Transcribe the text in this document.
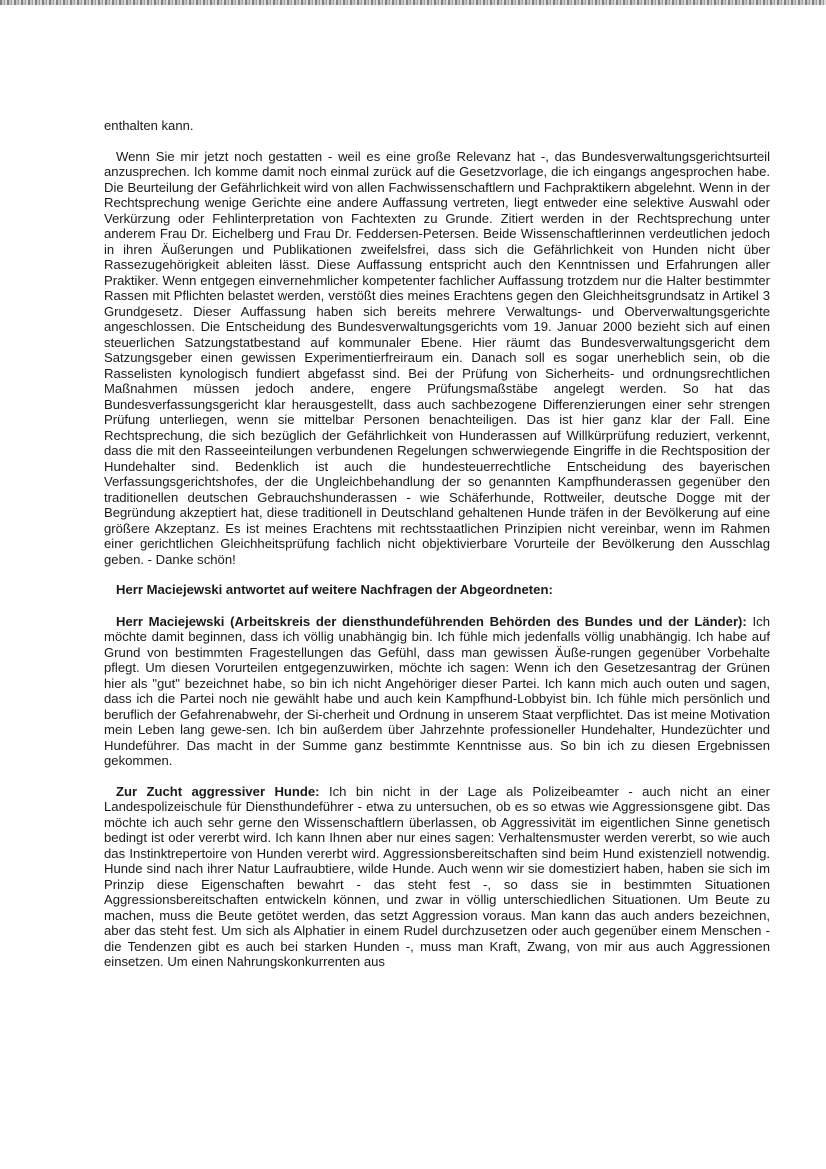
enthalten kann.

Wenn Sie mir jetzt noch gestatten - weil es eine große Relevanz hat -, das Bundesverwaltungsgerichtsurteil anzusprechen. Ich komme damit noch einmal zurück auf die Gesetzvorlage, die ich eingangs angesprochen habe. Die Beurteilung der Gefährlichkeit wird von allen Fachwissenschaftlern und Fachpraktikern abgelehnt. Wenn in der Rechtsprechung wenige Gerichte eine andere Auffassung vertreten, liegt entweder eine selektive Auswahl oder Verkürzung oder Fehlinterpretation von Fachtexten zu Grunde. Zitiert werden in der Rechtsprechung unter anderem Frau Dr. Eichelberg und Frau Dr. Feddersen-Petersen. Beide Wissenschaftlerinnen verdeutlichen jedoch in ihren Äußerungen und Publikationen zweifelsfrei, dass sich die Gefährlichkeit von Hunden nicht über Rassezugehörigkeit ableiten lässt. Diese Auffassung entspricht auch den Kenntnissen und Erfahrungen aller Praktiker. Wenn entgegen einvernehmlicher kompetenter fachlicher Auffassung trotzdem nur die Halter bestimmter Rassen mit Pflichten belastet werden, verstößt dies meines Erachtens gegen den Gleichheitsgrundsatz in Artikel 3 Grundgesetz. Dieser Auffassung haben sich bereits mehrere Verwaltungs- und Oberverwaltungsgerichte angeschlossen. Die Entscheidung des Bundesverwaltungsgerichts vom 19. Januar 2000 bezieht sich auf einen steuerlichen Satzungstatbestand auf kommunaler Ebene. Hier räumt das Bundesverwaltungsgericht dem Satzungsgeber einen gewissen Experimentierfreiraum ein. Danach soll es sogar unerheblich sein, ob die Rasselisten kynologisch fundiert abgefasst sind. Bei der Prüfung von Sicherheits- und ordnungsrechtlichen Maßnahmen müssen jedoch andere, engere Prüfungsmaßstäbe angelegt werden. So hat das Bundesverfassungsgericht klar herausgestellt, dass auch sachbezogene Differenzierungen einer sehr strengen Prüfung unterliegen, wenn sie mittelbar Personen benachteiligen. Das ist hier ganz klar der Fall. Eine Rechtsprechung, die sich bezüglich der Gefährlichkeit von Hunderassen auf Willkürprüfung reduziert, verkennt, dass die mit den Rasseeinteilungen verbundenen Regelungen schwerwiegende Eingriffe in die Rechtsposition der Hundehalter sind. Bedenklich ist auch die hundesteuerrechtliche Entscheidung des bayerischen Verfassungsgerichtshofes, der die Ungleichbehandlung der so genannten Kampfhunderassen gegenüber den traditionellen deutschen Gebrauchshunderassen - wie Schäferhunde, Rottweiler, deutsche Dogge mit der Begründung akzeptiert hat, diese traditionell in Deutschland gehaltenen Hunde träfen in der Bevölkerung auf eine größere Akzeptanz. Es ist meines Erachtens mit rechtsstaatlichen Prinzipien nicht vereinbar, wenn im Rahmen einer gerichtlichen Gleichheitsprüfung fachlich nicht objektivierbare Vorurteile der Bevölkerung den Ausschlag geben. - Danke schön!

Herr Maciejewski antwortet auf weitere Nachfragen der Abgeordneten:

Herr Maciejewski (Arbeitskreis der diensthundeführenden Behörden des Bundes und der Länder): Ich möchte damit beginnen, dass ich völlig unabhängig bin. Ich fühle mich jedenfalls völlig unabhängig. Ich habe auf Grund von bestimmten Fragestellungen das Gefühl, dass man gewissen Äuße-rungen gegenüber Vorbehalte pflegt. Um diesen Vorurteilen entgegenzuwirken, möchte ich sagen: Wenn ich den Gesetzesantrag der Grünen hier als "gut" bezeichnet habe, so bin ich nicht Angehöriger dieser Partei. Ich kann mich auch outen und sagen, dass ich die Partei noch nie gewählt habe und auch kein Kampfhund-Lobbyist bin. Ich fühle mich persönlich und beruflich der Gefahrenabwehr, der Si-cherheit und Ordnung in unserem Staat verpflichtet. Das ist meine Motivation mein Leben lang gewe-sen. Ich bin außerdem über Jahrzehnte professioneller Hundehalter, Hundezüchter und Hundeführer. Das macht in der Summe ganz bestimmte Kenntnisse aus. So bin ich zu diesen Ergebnissen gekommen.

Zur Zucht aggressiver Hunde: Ich bin nicht in der Lage als Polizeibeamter - auch nicht an einer Landespolizeischule für Diensthundeführer - etwa zu untersuchen, ob es so etwas wie Aggressionsgene gibt. Das möchte ich auch sehr gerne den Wissenschaftlern überlassen, ob Aggressivität im eigentlichen Sinne genetisch bedingt ist oder vererbt wird. Ich kann Ihnen aber nur eines sagen: Verhaltensmuster werden vererbt, so wie auch das Instinktrepertoire von Hunden vererbt wird. Aggressionsbereitschaften sind beim Hund existenziell notwendig. Hunde sind nach ihrer Natur Laufraubtiere, wilde Hunde. Auch wenn wir sie domestiziert haben, haben sie sich im Prinzip diese Eigenschaften bewahrt - das steht fest -, so dass sie in bestimmten Situationen Aggressionsbereitschaften entwickeln können, und zwar in völlig unterschiedlichen Situationen. Um Beute zu machen, muss die Beute getötet werden, das setzt Aggression voraus. Man kann das auch anders bezeichnen, aber das steht fest. Um sich als Alphatier in einem Rudel durchzusetzen oder auch gegenüber einem Menschen - die Tendenzen gibt es auch bei starken Hunden -, muss man Kraft, Zwang, von mir aus auch Aggressionen einsetzen. Um einen Nahrungskonkurrenten aus
